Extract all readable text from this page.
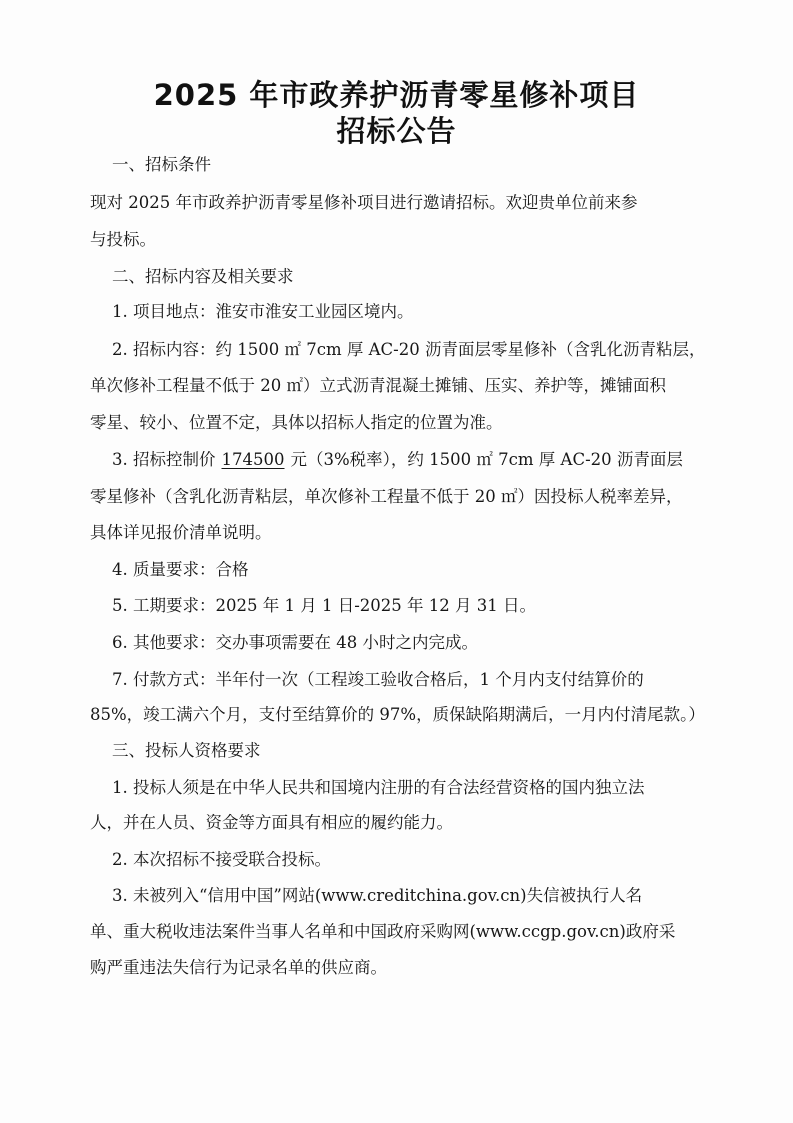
2025 年市政养护沥青零星修补项目
招标公告
一、招标条件
现对 2025 年市政养护沥青零星修补项目进行邀请招标。欢迎贵单位前来参
与投标。
二、招标内容及相关要求
1. 项目地点：淮安市淮安工业园区境内。
2. 招标内容：约 1500 ㎡ 7cm 厚 AC-20 沥青面层零星修补（含乳化沥青粘层，
单次修补工程量不低于 20 ㎡）立式沥青混凝土摊铺、压实、养护等，摊铺面积
零星、较小、位置不定，具体以招标人指定的位置为准。
3. 招标控制价 174500 元（3%税率），约 1500 ㎡ 7cm 厚 AC-20 沥青面层
零星修补（含乳化沥青粘层，单次修补工程量不低于 20 ㎡）因投标人税率差异，
具体详见报价清单说明。
4. 质量要求：合格
5. 工期要求：2025 年 1 月 1 日-2025 年 12 月 31 日。
6. 其他要求：交办事项需要在 48 小时之内完成。
7. 付款方式：半年付一次（工程竣工验收合格后，1 个月内支付结算价的
85%，竣工满六个月，支付至结算价的 97%，质保缺陷期满后，一月内付清尾款。）
三、投标人资格要求
1. 投标人须是在中华人民共和国境内注册的有合法经营资格的国内独立法
人，并在人员、资金等方面具有相应的履约能力。
2. 本次招标不接受联合投标。
3. 未被列入“信用中国”网站(www.creditchina.gov.cn)失信被执行人名
单、重大税收违法案件当事人名单和中国政府采购网(www.ccgp.gov.cn)政府采
购严重违法失信行为记录名单的供应商。
